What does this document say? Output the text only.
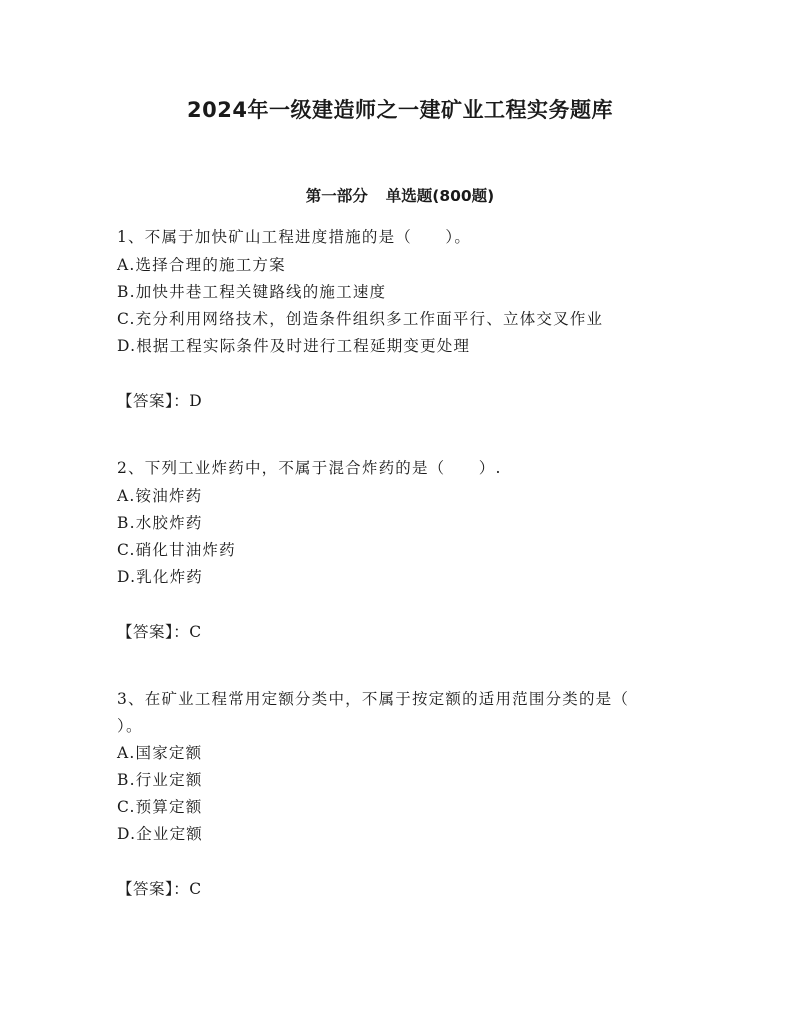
2024年一级建造师之一建矿业工程实务题库
第一部分 单选题(800题)
1、不属于加快矿山工程进度措施的是（　　）。
A.选择合理的施工方案
B.加快井巷工程关键路线的施工速度
C.充分利用网络技术，创造条件组织多工作面平行、立体交叉作业
D.根据工程实际条件及时进行工程延期变更处理
【答案】：D
2、下列工业炸药中，不属于混合炸药的是（　　）.
A.铵油炸药
B.水胶炸药
C.硝化甘油炸药
D.乳化炸药
【答案】：C
3、在矿业工程常用定额分类中，不属于按定额的适用范围分类的是（
）。
A.国家定额
B.行业定额
C.预算定额
D.企业定额
【答案】：C
